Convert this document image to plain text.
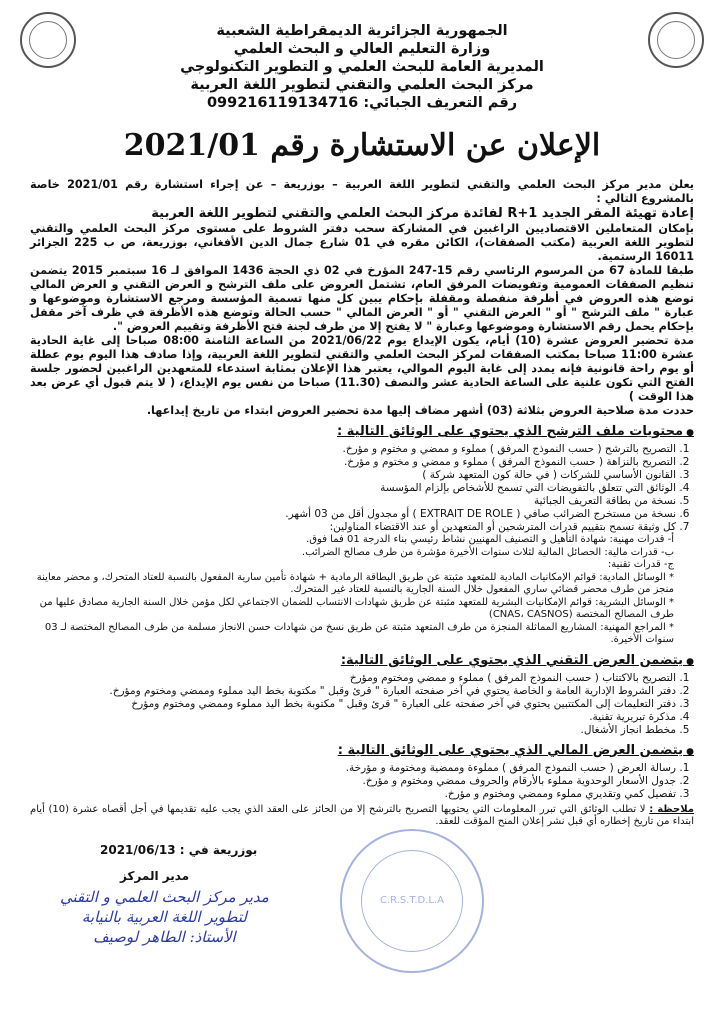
الجمهورية الجزائرية الديمقراطية الشعبية
وزارة التعليم العالي و البحث العلمي
المديرية العامة للبحث العلمي و التطوير التكنولوجي
مركز البحث العلمي والتقني لتطوير اللغة العربية
رقم التعريف الجبائي: 099216119134716
الإعلان عن الاستشارة رقم 2021/01

يعلن مدير مركز البحث العلمي والتقني لتطوير اللغة العربية – بوزريعة – عن إجراء استشارة رقم 2021/01 خاصة بالمشروع التالي :

إعادة تهيئة المقر الجديد R+1 لفائدة مركز البحث العلمي والتقني لتطوير اللغة العربية

بإمكان المتعاملين الاقتصاديين الراغبين في المشاركة سحب دفتر الشروط على مستوى مركز البحث العلمي والتقني لتطوير اللغة العربية (مكتب الصفقات)، الكائن مقره في 01 شارع جمال الدين الأفغاني، بوزريعة، ص ب 225 الجزائر 16011 الرستمية.

طبقا للمادة 67 من المرسوم الرئاسي رقم 15-247 المؤرخ في 02 ذي الحجة 1436 الموافق لـ 16 سبتمبر 2015 يتضمن تنظيم الصفقات العمومية وتفويضات المرفق العام، تشتمل العروض على ملف الترشح و العرض التقني و العرض المالي توضع هذه العروض في أظرفة منفصلة ومقفلة بإحكام يبين كل منها تسمية المؤسسة ومرجع الاستشارة وموضوعها و عبارة " ملف الترشح " أو " العرض التقني " أو " العرض المالي " حسب الحالة وتوضع هذه الأظرفة في ظرف آخر مقفل بإحكام يحمل رقم الاستشارة وموضوعها وعبارة " لا يفتح إلا من طرف لجنة فتح الأظرفة وتقييم العروض ".

مدة تحضير العروض عشرة (10) أيام، يكون الإيداع يوم 2021/06/22 من الساعة الثامنة 08:00 صباحا إلى غاية الحادية عشرة 11:00 صباحا بمكتب الصفقات لمركز البحث العلمي والتقني لتطوير اللغة العربية، وإذا صادف هذا اليوم يوم عطلة أو يوم راحة قانونية فإنه يمدد إلى غاية اليوم الموالي، يعتبر هذا الإعلان بمثابة استدعاء للمتعهدين الراغبين لحضور جلسة الفتح التي تكون علنية على الساعة الحادية عشر والنصف (11.30) صباحا من نفس يوم الإيداع، ( لا يتم قبول أي عرض بعد هذا الوقت )

حددت مدة صلاحية العروض بثلاثة (03) أشهر مضاف إليها مدة تحضير العروض ابتداء من تاريخ إيداعها.

● محتويات ملف الترشح الذي يحتوي على الوثائق التالية :
1. التصريح بالترشح ( حسب النموذج المرفق ) مملوء و ممضي و مختوم و مؤرخ.
2. التصريح بالنزاهة ( حسب النموذج المرفق ) مملوء و ممضي و مختوم و مؤرخ.
3. القانون الأساسي للشركات ( في حالة كون المتعهد شركة )
4. الوثائق التي تتعلق بالتفويضات التي تسمح للأشخاص بإلزام المؤسسة
5. نسخة من بطاقة التعريف الجبائية
6. نسخة من مستخرج الضرائب صافي ( EXTRAIT DE ROLE ) أو مجدول أقل من 03 أشهر.
7. كل وثيقة تسمح بتقييم قدرات المترشحين أو المتعهدين أو عند الاقتضاء المناولين:
أ- قدرات مهنية: شهادة التأهيل و التصنيف المهنيين نشاط رئيسي بناء الدرجة 01 فما فوق.
ب- قدرات مالية: الحصائل المالية لثلاث سنوات الأخيرة مؤشرة من طرف مصالح الضرائب.
ج- قدرات تقنية:
* الوسائل المادية: قوائم الإمكانيات المادية للمتعهد مثبتة عن طريق البطاقة الرمادية + شهادة تأمين سارية المفعول بالنسبة للعتاد المتحرك، و محضر معاينة منجز من طرف محضر قضائي ساري المفعول خلال السنة الجارية بالنسبة للعتاد غير المتحرك.
* الوسائل البشرية: قوائم الإمكانيات البشرية للمتعهد مثبتة عن طريق شهادات الانتساب للضمان الاجتماعي لكل مؤمن خلال السنة الجارية مصادق عليها من طرف المصالح المختصة (CNAS، CASNOS)
* المراجع المهنية: المشاريع المماثلة المنجزة من طرف المتعهد مثبتة عن طريق نسخ من شهادات حسن الانجاز مسلمة من طرف المصالح المختصة لـ 03 سنوات الأخيرة.
● يتضمن العرض التقني الذي يحتوي على الوثائق التالية:
1. التصريح بالاكتتاب ( حسب النموذج المرفق ) مملوء و ممضي ومختوم ومؤرخ
2. دفتر الشروط الإدارية العامة و الخاصة يحتوي في آخر صفحته العبارة " قرئ وقبل " مكتوبة بخط اليد مملوء وممضي ومختوم ومؤرخ.
3. دفتر التعليمات إلى المكتتبين يحتوي في آخر صفحته على العبارة " قرئ وقبل " مكتوبة بخط اليد مملوء وممضي ومختوم ومؤرخ
4. مذكرة تبريرية تقنية.
5. مخطط انجاز الأشغال.
● يتضمن العرض المالي الذي يحتوي على الوثائق التالية :
1. رسالة العرض ( حسب النموذج المرفق ) مملوءة وممضية ومختومة و مؤرخة.
2. جدول الأسعار الوحدوية مملوء بالأرقام والحروف ممضي ومختوم و مؤرخ.
3. تفصيل كمي وتقديري مملوء وممضي ومختوم و مؤرخ.

ملاحظة : لا تطلب الوثائق التي تبرر المعلومات التي يحتويها التصريح بالترشح إلا من الحائز على العقد الذي يجب عليه تقديمها في أجل أقصاه عشرة (10) أيام ابتداء من تاريخ إخطاره أي قبل نشر إعلان المنح المؤقت للعقد.

بوزريعة في : 2021/06/13
مدير المركز
مدير مركز البحث العلمي و التقني
لتطوير اللغة العربية بالنيابة
الأستاذ: الطاهر لوصيف
C.R.S.T.D.L.A
